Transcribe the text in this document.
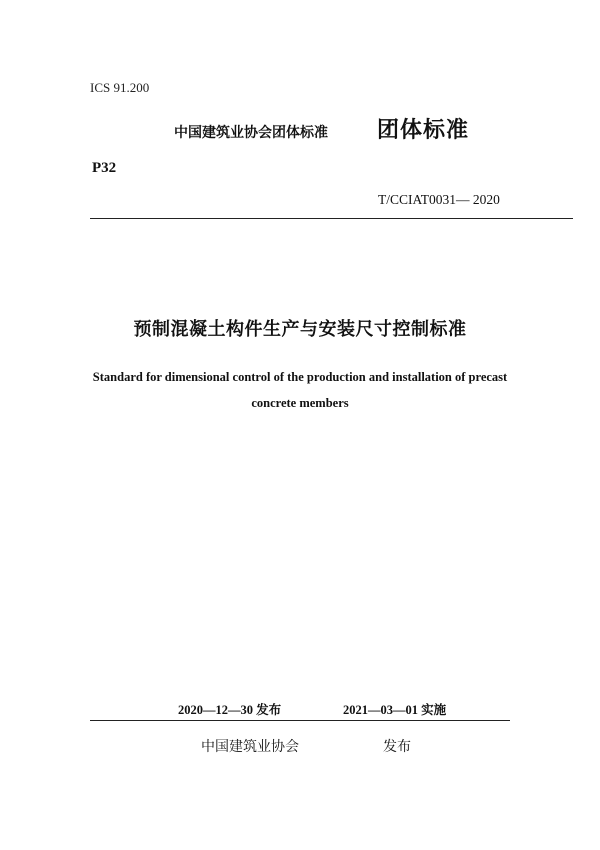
ICS 91.200
中国建筑业协会团体标准 团体标准
P32
T/CCIAT0031— 2020
预制混凝土构件生产与安装尺寸控制标准
Standard for dimensional control of the production and installation of precast
concrete members
2020—12—30 发布	2021—03—01 实施
中国建筑业协会	发布
